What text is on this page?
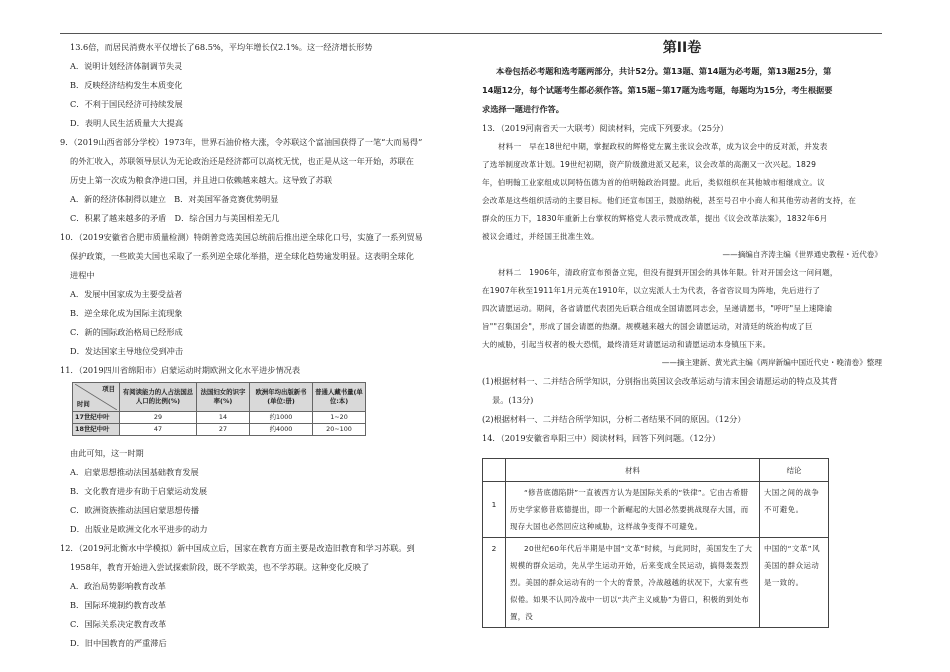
13.6倍，而居民消费水平仅增长了68.5%，平均年增长仅2.1%。这一经济增长形势

A．说明计划经济体制调节失灵

B．反映经济结构发生本质变化

C．不利于国民经济可持续发展

D．表明人民生活质量大大提高

9．（2019山西省部分学校）1973年，世界石油价格大涨，令苏联这个富油国获得了一笔“大而易得”

的外汇收入，苏联领导层认为无论政治还是经济都可以高枕无忧，也正是从这一年开始，苏联在

历史上第一次成为粮食净进口国，并且进口依赖越来越大。这导致了苏联

A．新的经济体制得以建立　B．对美国军备竞赛优势明显

C．积累了越来越多的矛盾　D．综合国力与美国相差无几

10．（2019安徽省合肥市质量检测）特朗普竞选美国总统前后推出逆全球化口号，实施了一系列贸易

保护政策，一些欧美大国也采取了一系列逆全球化举措，逆全球化趋势逾发明显。这表明全球化

进程中

A．发展中国家成为主要受益者

B．逆全球化成为国际主流现象

C．新的国际政治格局已经形成

D．发达国家主导地位受到冲击

11．（2019四川省绵阳市）启蒙运动时期欧洲文化水平进步情况表

项目
时间	有阅读能力的人占法国总人口的比例(%)	法国妇女的识字率(%)	欧洲年均出版新书(单位:册)	普通人藏书量(单位:本)
17世纪中叶	29	14	约1000	1~20
18世纪中叶	47	27	约4000	20~100

由此可知，这一时期

A．启蒙思想推动法国基础教育发展

B．文化教育进步有助于启蒙运动发展

C．欧洲资族推动法国启蒙思想传播

D．出版业是欧洲文化水平进步的动力

12．（2019河北衡水中学模拟）新中国成立后，国家在教育方面主要是改造旧教育和学习苏联。到

1958年，教育开始进入尝试探索阶段，既不学欧美，也不学苏联。这种变化反映了

A．政治局势影响教育改革

B．国际环境制约教育改革

C．国际关系决定教育改革

D．旧中国教育的严重滞后

第II卷

本卷包括必考题和选考题两部分，共计52分。第13题、第14题为必考题，第13题25分，第

14题12分，每个试题考生都必须作答。第15题~第17题为选考题，每题均为15分，考生根据要

求选择一题进行作答。

13．（2019河南省天一大联考）阅读材料，完成下列要求。（25分）

材料一　早在18世纪中期，掌握政权的辉格党左翼主张议会改革，成为议会中的反对派，并发表

了选举制度改革计划。19世纪初期，资产阶级激进派又起来，议会改革的高潮又一次兴起。1829

年，伯明翰工业家组成以阿特伍德为首的伯明翰政治同盟。此后，类似组织在其他城市相继成立。议

会改革是这些组织活动的主要目标。他们还宣布国王，鼓励纳税，甚至号召中小商人和其他劳动者的支持，在

群众的压力下，1830年重新上台掌权的辉格党人表示赞成改革，提出《议会改革法案》，1832年6月

被议会通过，并经国王批准生效。

——摘编自齐涛主编《世界通史教程・近代卷》

材料二　1906年，清政府宣布预备立宪，但没有提到开国会的具体年限。针对开国会这一问问题，

在1907年秋至1911年1月元英在1910年，以立宪派人士为代表，各省咨议局为阵地，先后进行了

四次请愿运动。期间，各省请愿代表团先后联合组成全国请愿同志会，呈递请愿书，"呼吁"呈上速降谕

旨""召集国会"，形成了国会请愿的热潮。规模越来越大的国会请愿运动，对清廷的统治构成了巨

大的威胁，引起当权者的极大恐慌，最终清廷对请愿运动和请愿运动本身镇压下来。

——摘主建新、黄光武主编《两岸新编中国近代史・晚清卷》整理

(1)根据材料一、二并结合所学知识，分别指出英国议会改革运动与清末国会请愿运动的特点及其背

景。(13分)

(2)根据材料一、二并结合所学知识，分析二者结果不同的原因。（12分）

14．（2019安徽省阜阳三中）阅读材料，回答下列问题。（12分）

	材料	结论
1	“修昔底德陷阱”一直被西方认为是国际关系的“铁律”。它由古希腊历史学家修昔底德提出，即一个新崛起的大国必然要挑战现存大国，而现存大国也必然回应这种威胁，这样战争变得不可避免。	大国之间的战争不可避免。
2	20世纪60年代后半期是中国“文革”时候，与此同时，美国发生了大规模的群众运动，先从学生运动开始，后来变成全民运动，搞得轰轰烈烈。美国的群众运动有的一个大的背景，冷战越越的状况下，大家有些似倦。如果不认同冷战中一切以“共产主义威胁”为借口，积极的到处布置，没	中国的“文革”风美国的群众运动是一致的。
